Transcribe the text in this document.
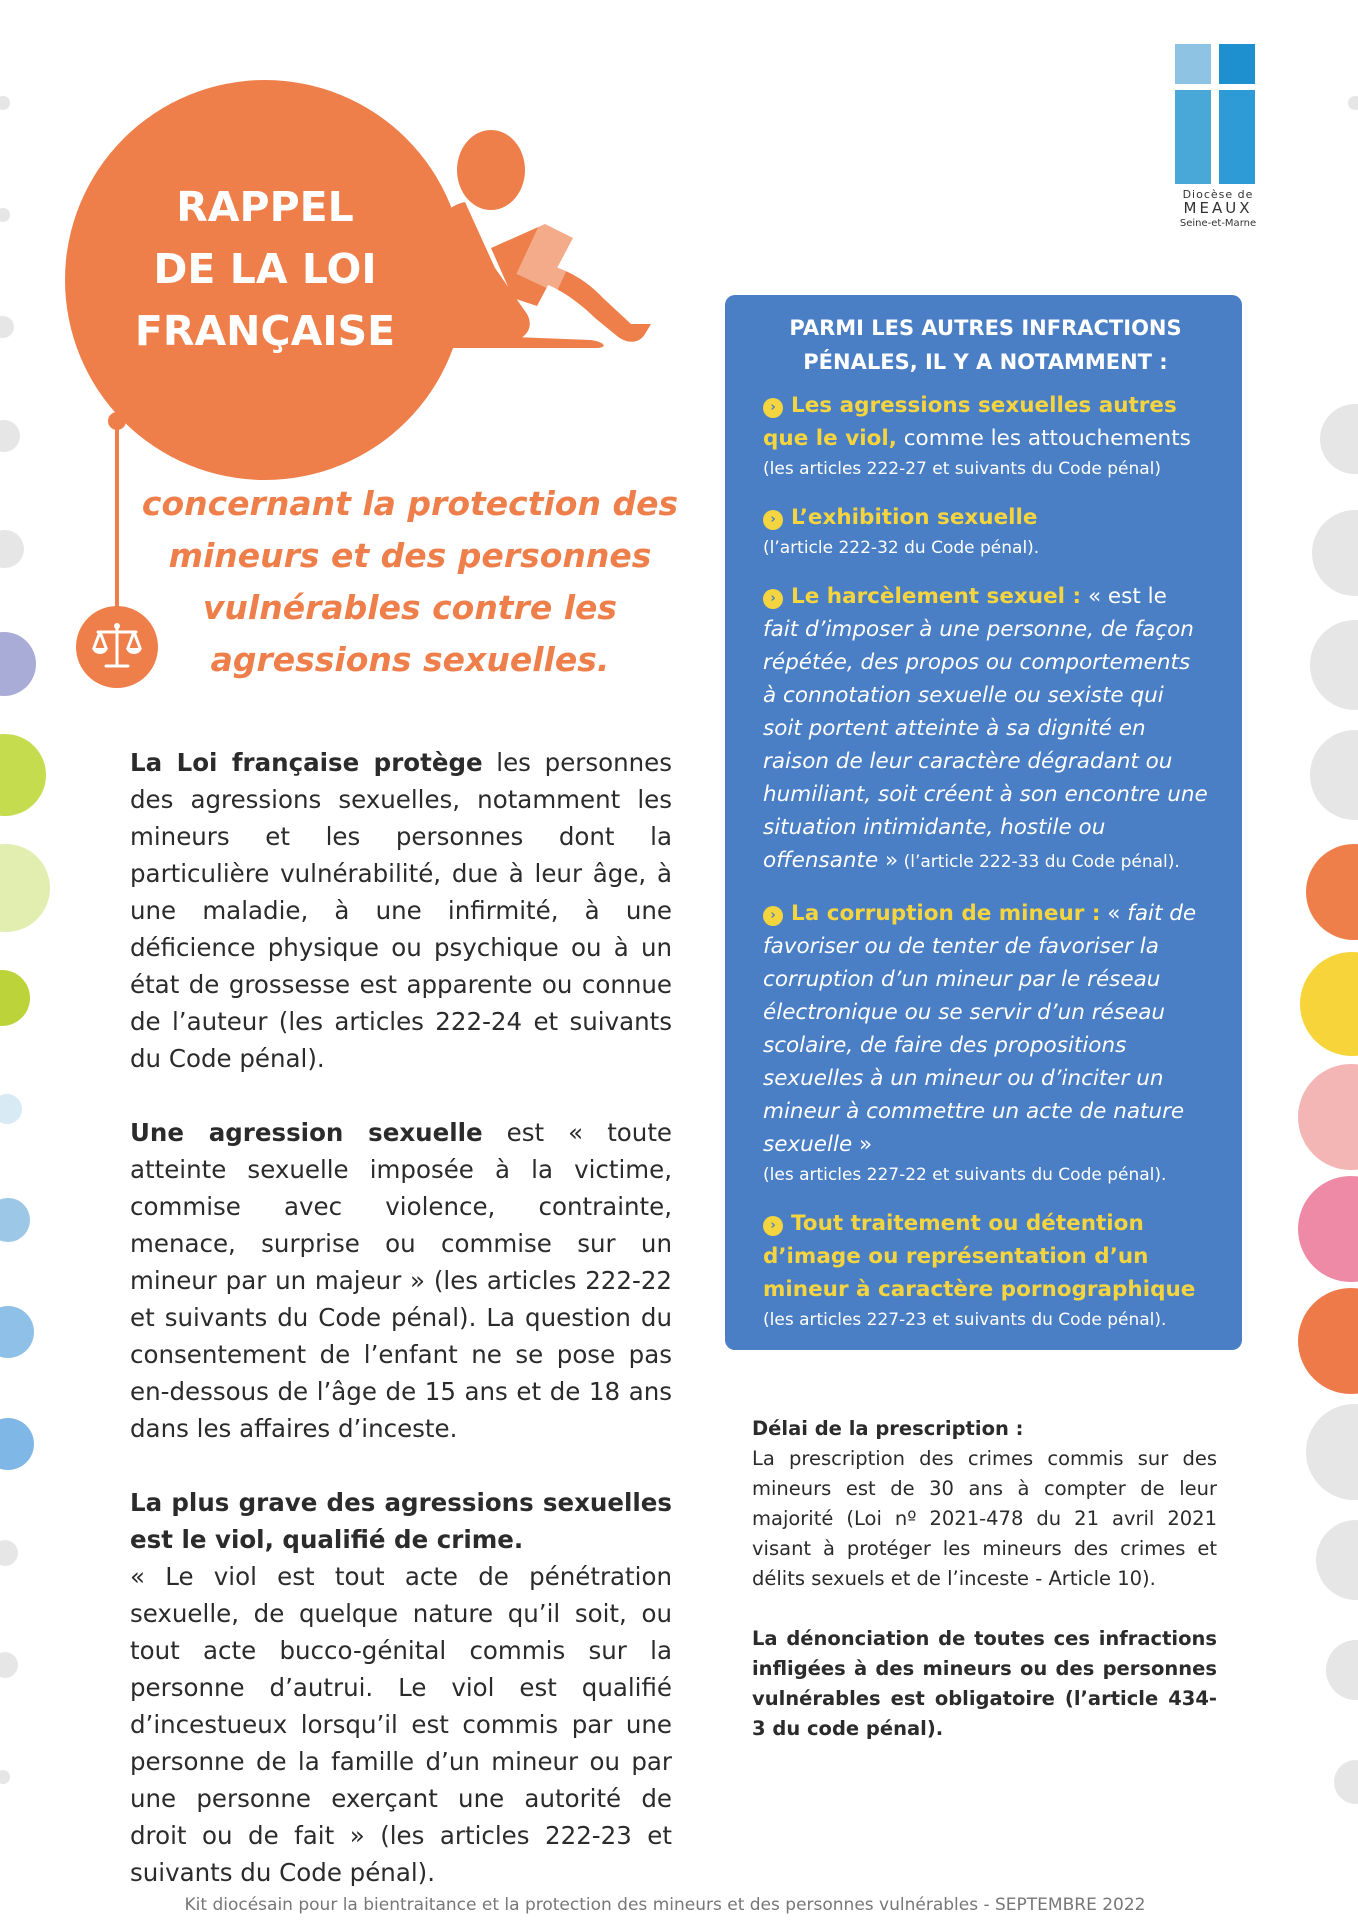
RAPPEL
DE LA LOI
FRANÇAISE
concernant la protection des
mineurs et des personnes
vulnérables contre les
agressions sexuelles.
Diocèse de
MEAUX
Seine-et-Marne

La Loi française protège les personnes des agressions sexuelles, notamment les mineurs et les personnes dont la particulière vulnérabilité, due à leur âge, à une maladie, à une infirmité, à une déficience physique ou psychique ou à un état de grossesse est apparente ou connue de l’auteur (les articles 222-24 et suivants du Code pénal).

Une agression sexuelle est « toute atteinte sexuelle imposée à la victime, commise avec violence, contrainte, menace, surprise ou commise sur un mineur par un majeur » (les articles 222-22 et suivants du Code pénal). La question du consentement de l’enfant ne se pose pas en-dessous de l’âge de 15 ans et de 18 ans dans les affaires d’inceste.

La plus grave des agressions sexuelles est le viol, qualifié de crime.
« Le viol est tout acte de pénétration sexuelle, de quelque nature qu’il soit, ou tout acte bucco-génital commis sur la personne d’autrui. Le viol est qualifié d’incestueux lorsqu’il est commis par une personne de la famille d’un mineur ou par une personne exerçant une autorité de droit ou de fait » (les articles 222-23 et suivants du Code pénal).

PARMI LES AUTRES INFRACTIONS
PÉNALES, IL Y A NOTAMMENT :
› Les agressions sexuelles autres que le viol, comme les attouchements
(les articles 222-27 et suivants du Code pénal)
› L’exhibition sexuelle
(l’article 222-32 du Code pénal).
› Le harcèlement sexuel : « est le fait d’imposer à une personne, de façon répétée, des propos ou comportements à connotation sexuelle ou sexiste qui soit portent atteinte à sa dignité en raison de leur caractère dégradant ou humiliant, soit créent à son encontre une situation intimidante, hostile ou offensante » (l’article 222-33 du Code pénal).
› La corruption de mineur : « fait de favoriser ou de tenter de favoriser la corruption d’un mineur par le réseau électronique ou se servir d’un réseau scolaire, de faire des propositions sexuelles à un mineur ou d’inciter un mineur à commettre un acte de nature sexuelle »
(les articles 227-22 et suivants du Code pénal).
› Tout traitement ou détention d’image ou représentation d’un mineur à caractère pornographique
(les articles 227-23 et suivants du Code pénal).
Délai de la prescription :

La prescription des crimes commis sur des mineurs est de 30 ans à compter de leur majorité (Loi nº 2021-478 du 21 avril 2021 visant à protéger les mineurs des crimes et délits sexuels et de l’inceste - Article 10).

La dénonciation de toutes ces infractions infligées à des mineurs ou des personnes vulnérables est obligatoire (l’article 434-3 du code pénal).

Kit diocésain pour la bientraitance et la protection des mineurs et des personnes vulnérables - SEPTEMBRE 2022
